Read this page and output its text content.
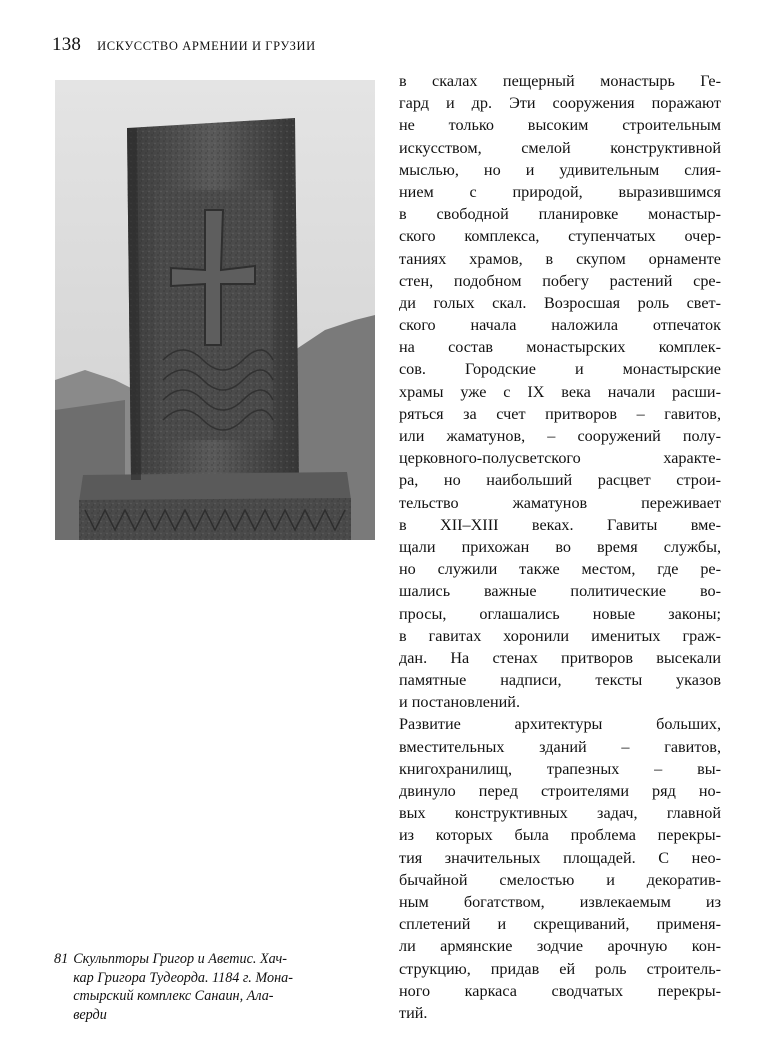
138 ИСКУССТВО АРМЕНИИ И ГРУЗИИ
81 Скульпторы Григор и Аветис. Хач-
кар Григора Тудеорда. 1184 г. Мона-
стырский комплекс Санаин, Ала-
верди
в скалах пещерный монастырь Ге-
гард и др. Эти сооружения поражают
не только высоким строительным
искусством, смелой конструктивной
мыслью, но и удивительным слия-
нием с природой, выразившимся
в свободной планировке монастыр-
ского комплекса, ступенчатых очер-
таниях храмов, в скупом орнаменте
стен, подобном побегу растений сре-
ди голых скал. Возросшая роль свет-
ского начала наложила отпечаток
на состав монастырских комплек-
сов. Городские и монастырские
храмы уже с IX века начали расши-
ряться за счет притворов – гавитов,
или жаматунов, – сооружений полу-
церковного-полусветского характе-
ра, но наибольший расцвет строи-
тельство жаматунов переживает
в XII–XIII веках. Гавиты вме-
щали прихожан во время службы,
но служили также местом, где ре-
шались важные политические во-
просы, оглашались новые законы;
в гавитах хоронили именитых граж-
дан. На стенах притворов высекали
памятные надписи, тексты указов
и постановлений.
Развитие архитектуры больших,
вместительных зданий – гавитов,
книгохранилищ, трапезных – вы-
двинуло перед строителями ряд но-
вых конструктивных задач, главной
из которых была проблема перекры-
тия значительных площадей. С нео-
бычайной смелостью и декоратив-
ным богатством, извлекаемым из
сплетений и скрещиваний, применя-
ли армянские зодчие арочную кон-
струкцию, придав ей роль строитель-
ного каркаса сводчатых перекры-
тий.
